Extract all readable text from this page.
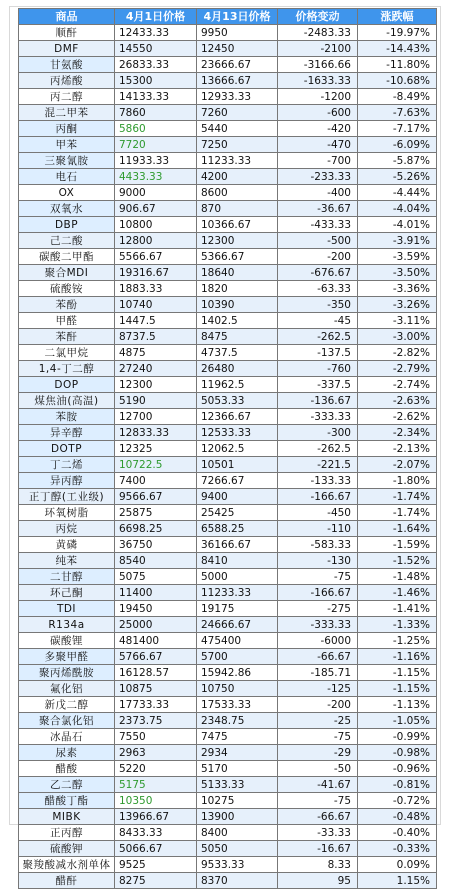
商品	4月1日价格	4月13日价格	价格变动	涨跌幅
顺酐	12433.33	9950	-2483.33	-19.97%
DMF	14550	12450	-2100	-14.43%
甘氨酸	26833.33	23666.67	-3166.66	-11.80%
丙烯酸	15300	13666.67	-1633.33	-10.68%
丙二醇	14133.33	12933.33	-1200	-8.49%
混二甲苯	7860	7260	-600	-7.63%
丙酮	5860	5440	-420	-7.17%
甲苯	7720	7250	-470	-6.09%
三聚氰胺	11933.33	11233.33	-700	-5.87%
电石	4433.33	4200	-233.33	-5.26%
OX	9000	8600	-400	-4.44%
双氧水	906.67	870	-36.67	-4.04%
DBP	10800	10366.67	-433.33	-4.01%
己二酸	12800	12300	-500	-3.91%
碳酸二甲酯	5566.67	5366.67	-200	-3.59%
聚合MDI	19316.67	18640	-676.67	-3.50%
硫酸铵	1883.33	1820	-63.33	-3.36%
苯酚	10740	10390	-350	-3.26%
甲醛	1447.5	1402.5	-45	-3.11%
苯酐	8737.5	8475	-262.5	-3.00%
二氯甲烷	4875	4737.5	-137.5	-2.82%
1,4-丁二醇	27240	26480	-760	-2.79%
DOP	12300	11962.5	-337.5	-2.74%
煤焦油(高温)	5190	5053.33	-136.67	-2.63%
苯胺	12700	12366.67	-333.33	-2.62%
异辛醇	12833.33	12533.33	-300	-2.34%
DOTP	12325	12062.5	-262.5	-2.13%
丁二烯	10722.5	10501	-221.5	-2.07%
异丙醇	7400	7266.67	-133.33	-1.80%
正丁醇(工业级)	9566.67	9400	-166.67	-1.74%
环氧树脂	25875	25425	-450	-1.74%
丙烷	6698.25	6588.25	-110	-1.64%
黄磷	36750	36166.67	-583.33	-1.59%
纯苯	8540	8410	-130	-1.52%
二甘醇	5075	5000	-75	-1.48%
环己酮	11400	11233.33	-166.67	-1.46%
TDI	19450	19175	-275	-1.41%
R134a	25000	24666.67	-333.33	-1.33%
碳酸锂	481400	475400	-6000	-1.25%
多聚甲醛	5766.67	5700	-66.67	-1.16%
聚丙烯酰胺	16128.57	15942.86	-185.71	-1.15%
氟化铝	10875	10750	-125	-1.15%
新戊二醇	17733.33	17533.33	-200	-1.13%
聚合氯化铝	2373.75	2348.75	-25	-1.05%
冰晶石	7550	7475	-75	-0.99%
尿素	2963	2934	-29	-0.98%
醋酸	5220	5170	-50	-0.96%
乙二醇	5175	5133.33	-41.67	-0.81%
醋酸丁酯	10350	10275	-75	-0.72%
MIBK	13966.67	13900	-66.67	-0.48%
正丙醇	8433.33	8400	-33.33	-0.40%
硫酸钾	5066.67	5050	-16.67	-0.33%
聚羧酸减水剂单体	9525	9533.33	8.33	0.09%
醋酐	8275	8370	95	1.15%
